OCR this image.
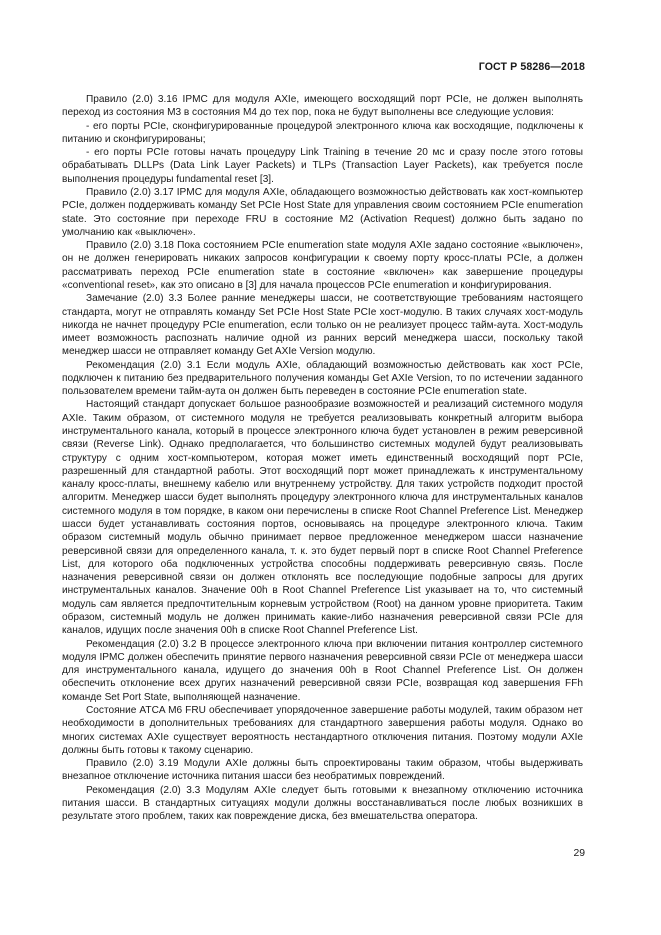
ГОСТ Р 58286—2018

Правило (2.0) 3.16 IPMC для модуля AXIe, имеющего восходящий порт PCIe, не должен выполнять переход из состояния M3 в состояния M4 до тех пор, пока не будут выполнены все следующие условия:

- его порты PCIe, сконфигурированные процедурой электронного ключа как восходящие, подключены к питанию и сконфигурированы;

- его порты PCIe готовы начать процедуру Link Training в течение 20 мс и сразу после этого готовы обрабатывать DLLPs (Data Link Layer Packets) и TLPs (Transaction Layer Packets), как требуется после выполнения процедуры fundamental reset [3].

Правило (2.0) 3.17 IPMC для модуля AXIe, обладающего возможностью действовать как хост-компьютер PCIe, должен поддерживать команду Set PCIe Host State для управления своим состоянием PCIe enumeration state. Это состояние при переходе FRU в состояние M2 (Activation Request) должно быть задано по умолчанию как «выключен».

Правило (2.0) 3.18 Пока состоянием PCIe enumeration state модуля AXIe задано состояние «выключен», он не должен генерировать никаких запросов конфигурации к своему порту кросс-платы PCIe, а должен рассматривать переход PCIe enumeration state в состояние «включен» как завершение процедуры «conventional reset», как это описано в [3] для начала процессов PCIe enumeration и конфигурирования.

Замечание (2.0) 3.3 Более ранние менеджеры шасси, не соответствующие требованиям настоящего стандарта, могут не отправлять команду Set PCIe Host State PCIe хост-модулю. В таких случаях хост-модуль никогда не начнет процедуру PCIe enumeration, если только он не реализует процесс тайм-аута. Хост-модуль имеет возможность распознать наличие одной из ранних версий менеджера шасси, поскольку такой менеджер шасси не отправляет команду Get AXIe Version модулю.

Рекомендация (2.0) 3.1 Если модуль AXIe, обладающий возможностью действовать как хост PCIe, подключен к питанию без предварительного получения команды Get AXIe Version, то по истечении заданного пользователем времени тайм-аута он должен быть переведен в состояние PCIe enumeration state.

Настоящий стандарт допускает большое разнообразие возможностей и реализаций системного модуля AXIe. Таким образом, от системного модуля не требуется реализовывать конкретный алгоритм выбора инструментального канала, который в процессе электронного ключа будет установлен в режим реверсивной связи (Reverse Link). Однако предполагается, что большинство системных модулей будут реализовывать структуру с одним хост-компьютером, которая может иметь единственный восходящий порт PCIe, разрешенный для стандартной работы. Этот восходящий порт может принадлежать к инструментальному каналу кросс-платы, внешнему кабелю или внутреннему устройству. Для таких устройств подходит простой алгоритм. Менеджер шасси будет выполнять процедуру электронного ключа для инструментальных каналов системного модуля в том порядке, в каком они перечислены в списке Root Channel Preference List. Менеджер шасси будет устанавливать состояния портов, основываясь на процедуре электронного ключа. Таким образом системный модуль обычно принимает первое предложенное менеджером шасси назначение реверсивной связи для определенного канала, т. к. это будет первый порт в списке Root Channel Preference List, для которого оба подключенных устройства способны поддерживать реверсивную связь. После назначения реверсивной связи он должен отклонять все последующие подобные запросы для других инструментальных каналов. Значение 00h в Root Channel Preference List указывает на то, что системный модуль сам является предпочтительным корневым устройством (Root) на данном уровне приоритета. Таким образом, системный модуль не должен принимать какие-либо назначения реверсивной связи PCIe для каналов, идущих после значения 00h в списке Root Channel Preference List.

Рекомендация (2.0) 3.2 В процессе электронного ключа при включении питания контроллер системного модуля IPMC должен обеспечить принятие первого назначения реверсивной связи PCIe от менеджера шасси для инструментального канала, идущего до значения 00h в Root Channel Preference List. Он должен обеспечить отклонение всех других назначений реверсивной связи PCIe, возвращая код завершения FFh команде Set Port State, выполняющей назначение.

Состояние ATCA M6 FRU обеспечивает упорядоченное завершение работы модулей, таким образом нет необходимости в дополнительных требованиях для стандартного завершения работы модуля. Однако во многих системах AXIe существует вероятность нестандартного отключения питания. Поэтому модули AXIe должны быть готовы к такому сценарию.

Правило (2.0) 3.19 Модули AXIe должны быть спроектированы таким образом, чтобы выдерживать внезапное отключение источника питания шасси без необратимых повреждений.

Рекомендация (2.0) 3.3 Модулям AXIe следует быть готовыми к внезапному отключению источника питания шасси. В стандартных ситуациях модули должны восстанавливаться после любых возникших в результате этого проблем, таких как повреждение диска, без вмешательства оператора.

29
